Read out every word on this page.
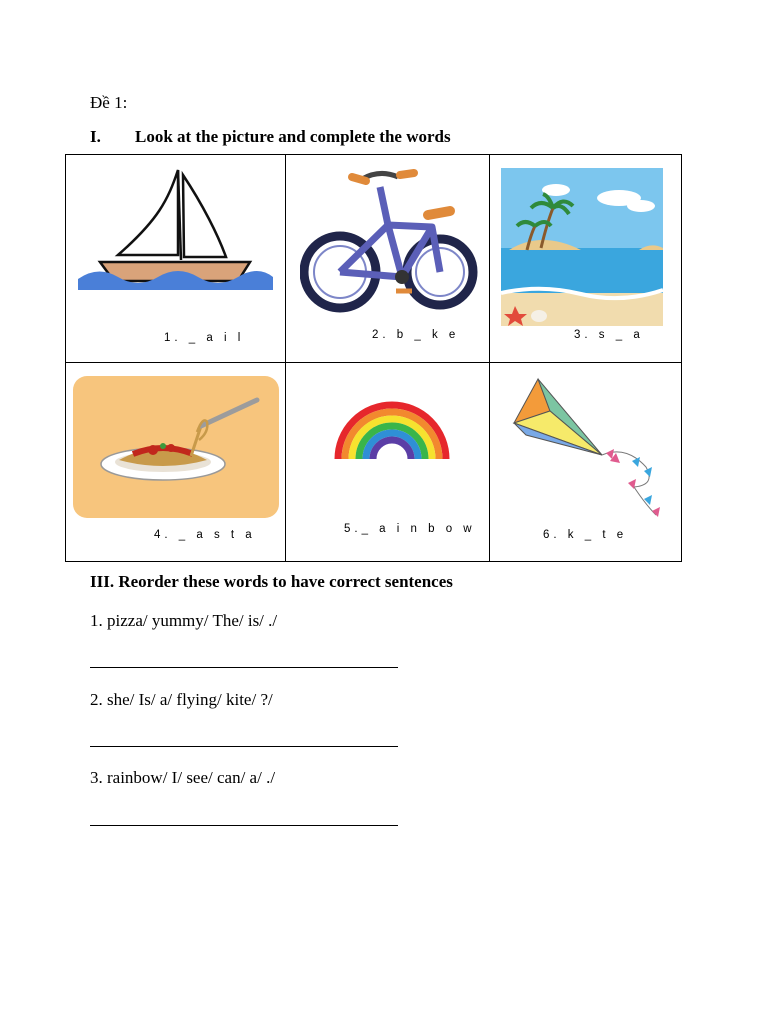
Đề 1:
I. Look at the picture and complete the words
1. _ a i l	2. b _ k e	3. s _ a
4. _ a s t a	5._ a i n b o w	6. k _ t e
III. Reorder these words to have correct sentences
1. pizza/ yummy/ The/ is/ ./
2. she/ Is/ a/ flying/ kite/ ?/
3. rainbow/ I/ see/ can/ a/ ./
